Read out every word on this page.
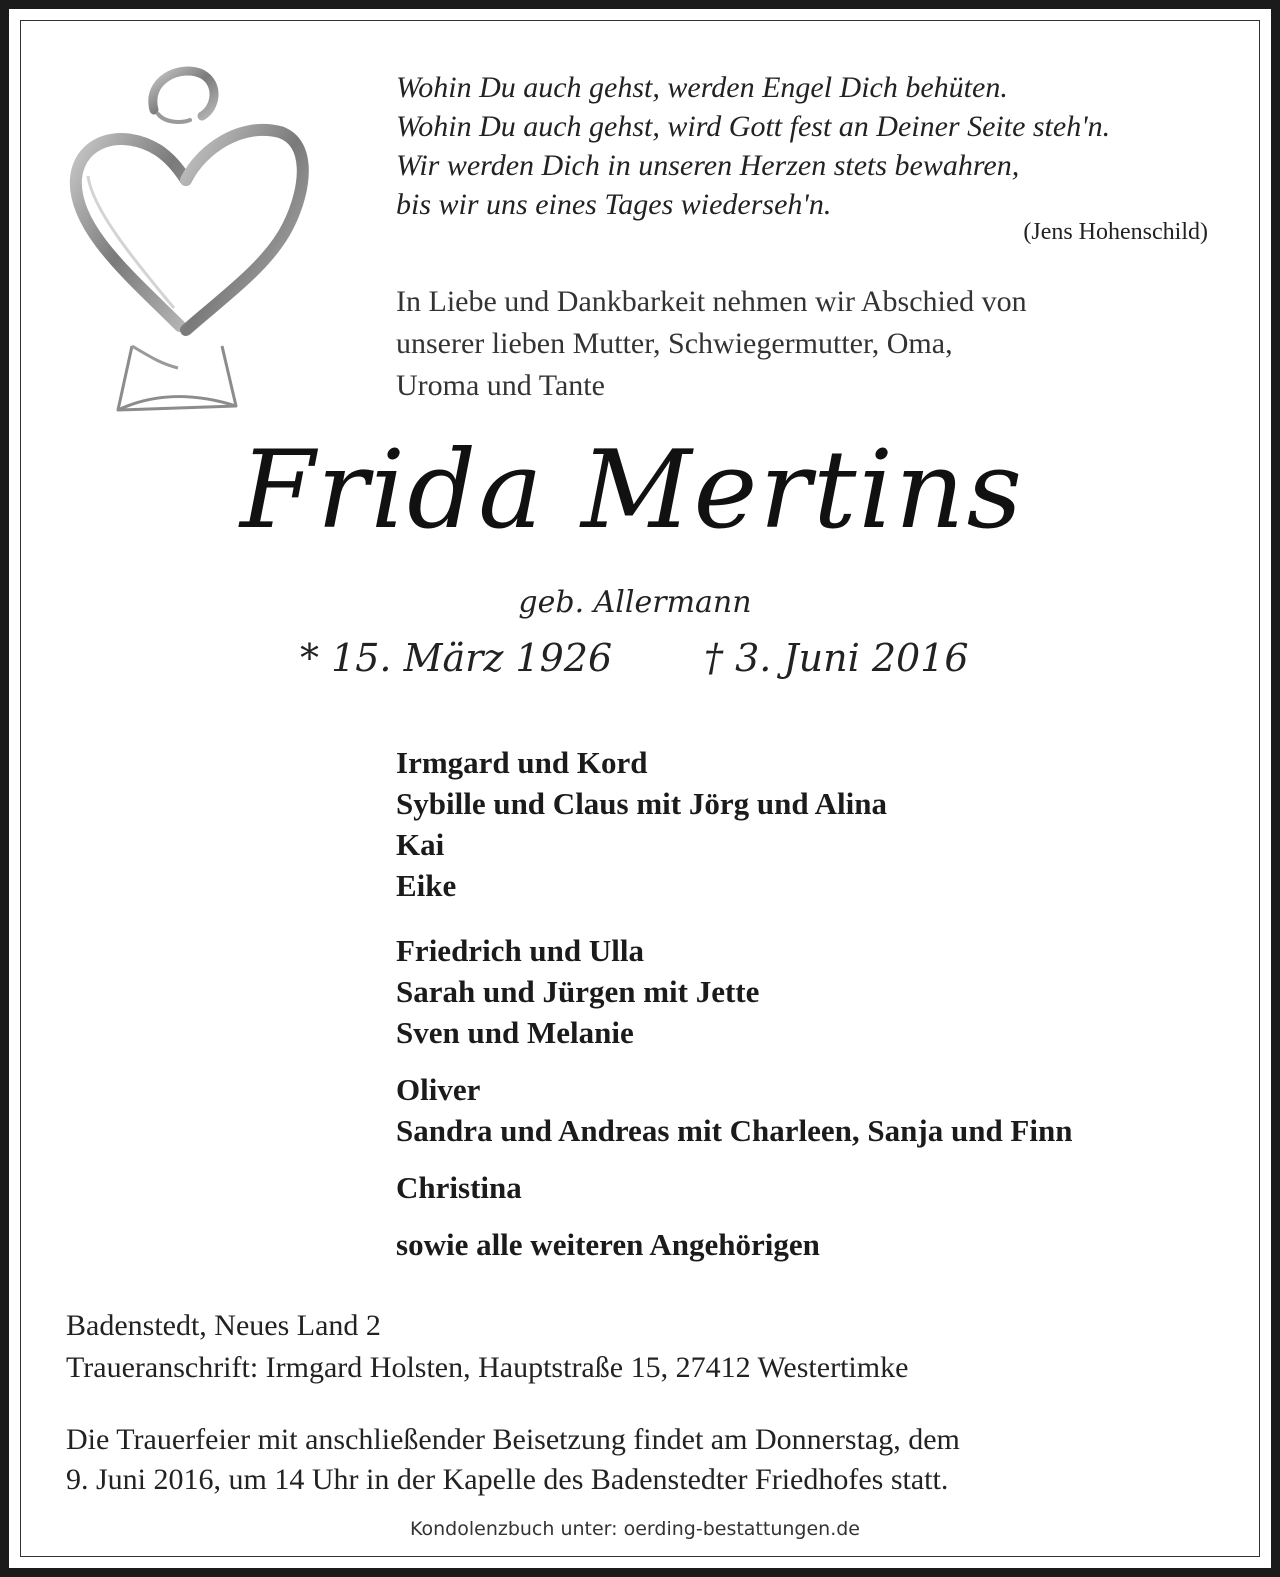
Wohin Du auch gehst, werden Engel Dich behüten.
Wohin Du auch gehst, wird Gott fest an Deiner Seite steh'n.
Wir werden Dich in unseren Herzen stets bewahren,
bis wir uns eines Tages wiederseh'n.
(Jens Hohenschild)
In Liebe und Dankbarkeit nehmen wir Abschied von
unserer lieben Mutter, Schwiegermutter, Oma,
Uroma und Tante
Frida Mertins
geb. Allermann
* 15. März 1926 † 3. Juni 2016
Irmgard und Kord
Sybille und Claus mit Jörg und Alina
Kai
Eike
Friedrich und Ulla
Sarah und Jürgen mit Jette
Sven und Melanie
Oliver
Sandra und Andreas mit Charleen, Sanja und Finn
Christina
sowie alle weiteren Angehörigen
Badenstedt, Neues Land 2
Traueranschrift: Irmgard Holsten, Hauptstraße 15, 27412 Westertimke
Die Trauerfeier mit anschließender Beisetzung findet am Donnerstag, dem
9. Juni 2016, um 14 Uhr in der Kapelle des Badenstedter Friedhofes statt.
Kondolenzbuch unter: oerding-bestattungen.de
